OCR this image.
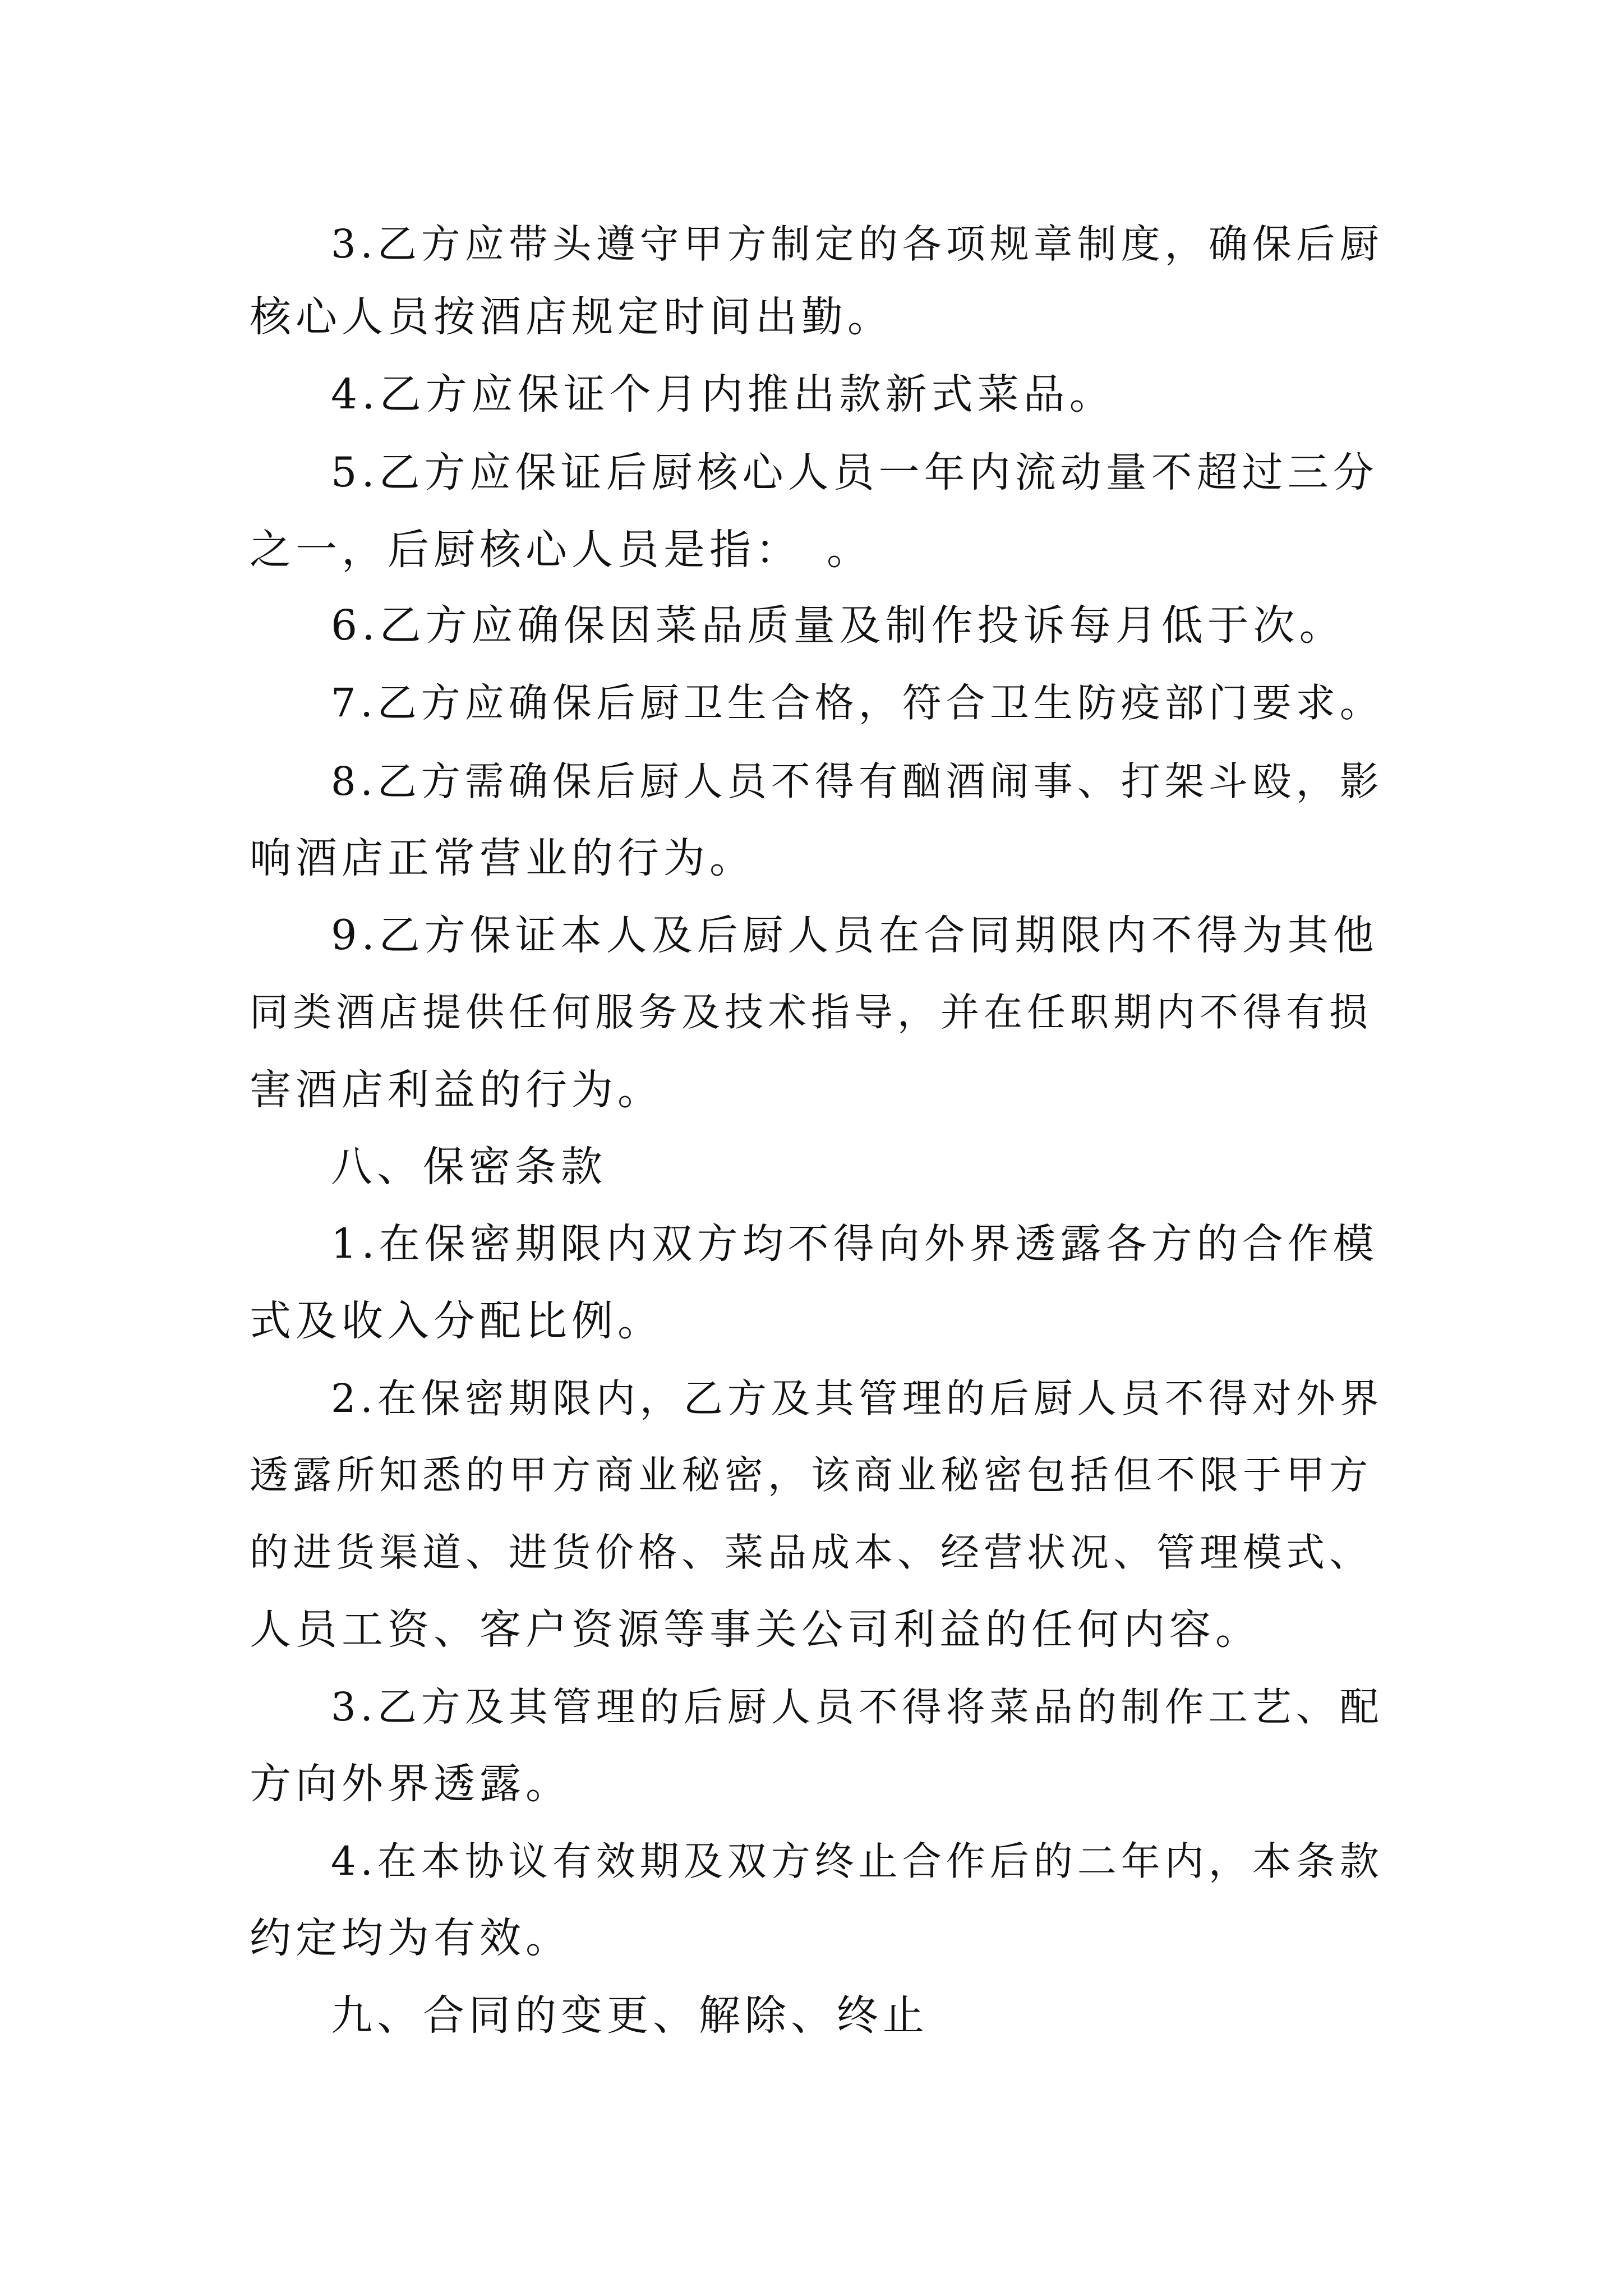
3.乙方应带头遵守甲方制定的各项规章制度，确保后厨
核心人员按酒店规定时间出勤。
4.乙方应保证个月内推出款新式菜品。
5.乙方应保证后厨核心人员一年内流动量不超过三分
之一，后厨核心人员是指：　。
6.乙方应确保因菜品质量及制作投诉每月低于次。
7.乙方应确保后厨卫生合格，符合卫生防疫部门要求。
8.乙方需确保后厨人员不得有酗酒闹事、打架斗殴，影
响酒店正常营业的行为。
9.乙方保证本人及后厨人员在合同期限内不得为其他
同类酒店提供任何服务及技术指导，并在任职期内不得有损
害酒店利益的行为。
八、保密条款
1.在保密期限内双方均不得向外界透露各方的合作模
式及收入分配比例。
2.在保密期限内，乙方及其管理的后厨人员不得对外界
透露所知悉的甲方商业秘密，该商业秘密包括但不限于甲方
的进货渠道、进货价格、菜品成本、经营状况、管理模式、
人员工资、客户资源等事关公司利益的任何内容。
3.乙方及其管理的后厨人员不得将菜品的制作工艺、配
方向外界透露。
4.在本协议有效期及双方终止合作后的二年内，本条款
约定均为有效。
九、合同的变更、解除、终止
